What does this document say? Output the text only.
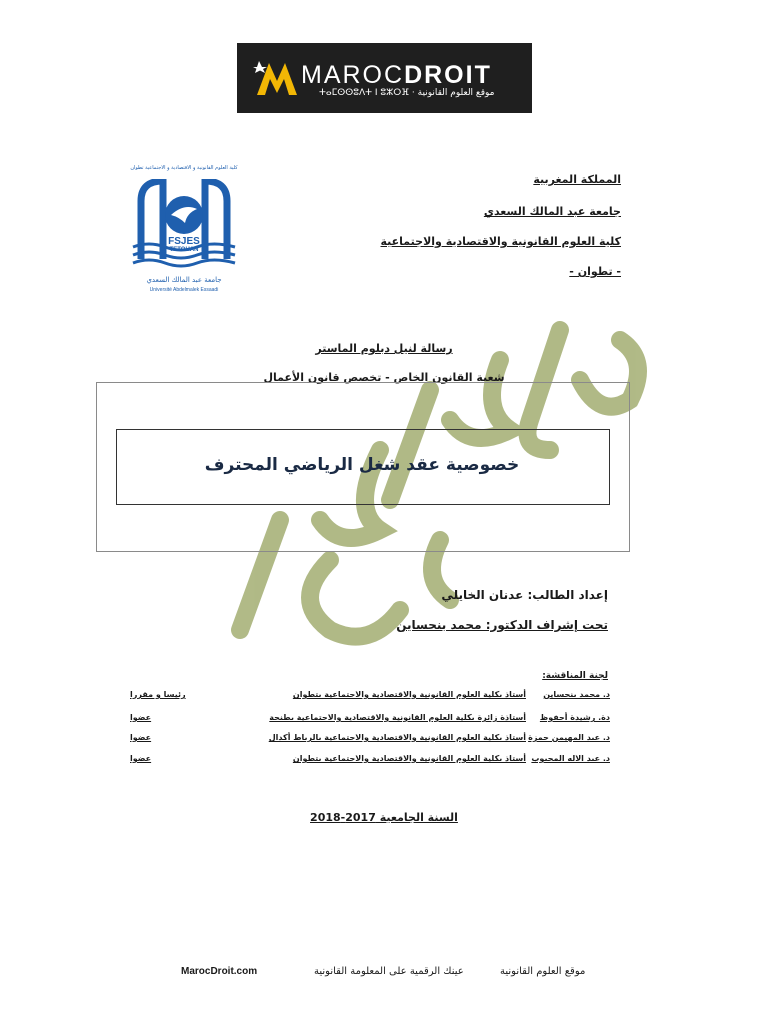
MAROCDROIT
ⵜⴰⵎⵙⵙⵓⴷⵜ ⵏ ⵓⵣⵔⴼ · موقع العلوم القانونية
كلية العلوم القانونية و الاقتصادية و الاجتماعية تطوان
FSJES
TETOUAN
جامعة عبد المالك السعدي
Université Abdelmalek Essaadi
المملكة المغربية
جامعة عبد المالك السعدي
كلية العلوم القانونية والاقتصادية والاجتماعية
- تطوان -
رسالة لنيل دبلوم الماستر
شعبة القانون الخاص - تخصص قانون الأعمال
خصوصية عقد شغل الرياضي المحترف
إعداد الطالب: عدنان الخايلي
تحت إشراف الدكتور: محمد بنحساين
لجنة المناقشة:
د. محمد بنحساين
أستاذ بكلية العلوم القانونية والاقتصادية والاجتماعية بتطوان
رئيسا و مقررا
دة. رشيدة أحفوظ
أستاذة زائرة بكلية العلوم القانونية والاقتصادية والاجتماعية بطنجة
عضوا
د. عبد المهيمن حمزة
أستاذ بكلية العلوم القانونية والاقتصادية والاجتماعية بالرباط أكدال
عضوا
د. عبد الاله المحبوب
أستاذ بكلية العلوم القانونية والاقتصادية والاجتماعية بتطوان
عضوا
السنة الجامعية 2017-2018
MarocDroit.com	عينك الرقمية على المعلومة القانونية	موقع العلوم القانونية
